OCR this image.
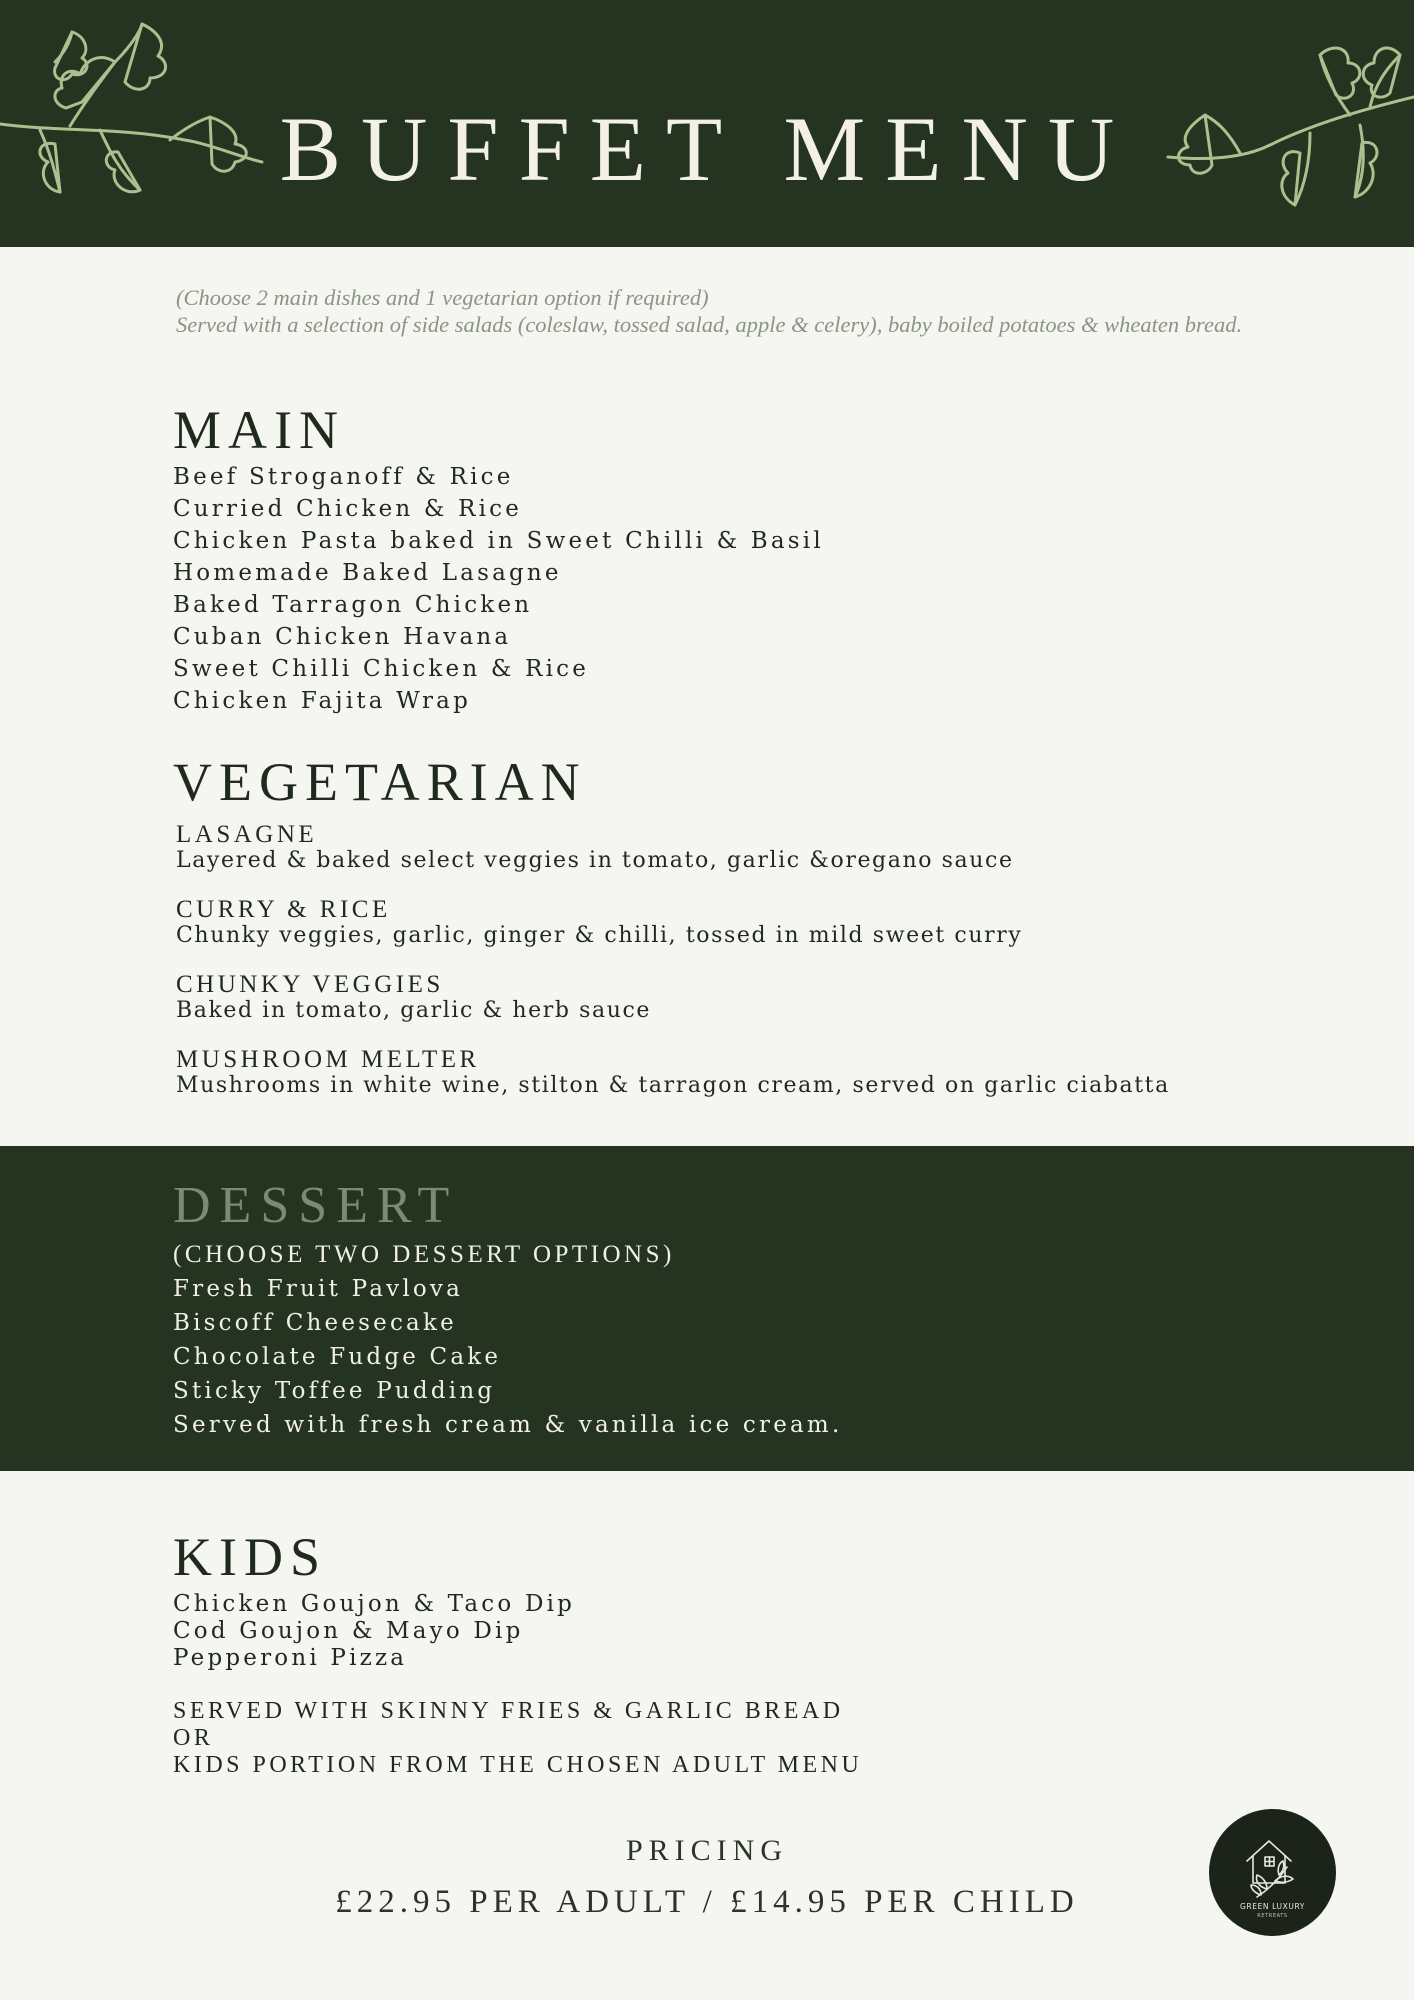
BUFFET MENU
(Choose 2 main dishes and 1 vegetarian option if required)
Served with a selection of side salads (coleslaw, tossed salad, apple & celery), baby boiled potatoes & wheaten bread.
MAIN
Beef Stroganoff & Rice
Curried Chicken & Rice
Chicken Pasta baked in Sweet Chilli & Basil
Homemade Baked Lasagne
Baked Tarragon Chicken
Cuban Chicken Havana
Sweet Chilli Chicken & Rice
Chicken Fajita Wrap
VEGETARIAN
LASAGNE
Layered & baked select veggies in tomato, garlic &oregano sauce
CURRY & RICE
Chunky veggies, garlic, ginger & chilli, tossed in mild sweet curry
CHUNKY VEGGIES
Baked in tomato, garlic & herb sauce
MUSHROOM MELTER
Mushrooms in white wine, stilton & tarragon cream, served on garlic ciabatta
DESSERT
(CHOOSE TWO DESSERT OPTIONS)
Fresh Fruit Pavlova
Biscoff Cheesecake
Chocolate Fudge Cake
Sticky Toffee Pudding
Served with fresh cream & vanilla ice cream.
KIDS
Chicken Goujon & Taco Dip
Cod Goujon & Mayo Dip
Pepperoni Pizza
SERVED WITH SKINNY FRIES & GARLIC BREAD
OR
KIDS PORTION FROM THE CHOSEN ADULT MENU
PRICING
£22.95 PER ADULT / £14.95 PER CHILD	GREEN LUXURY
RETREATS
